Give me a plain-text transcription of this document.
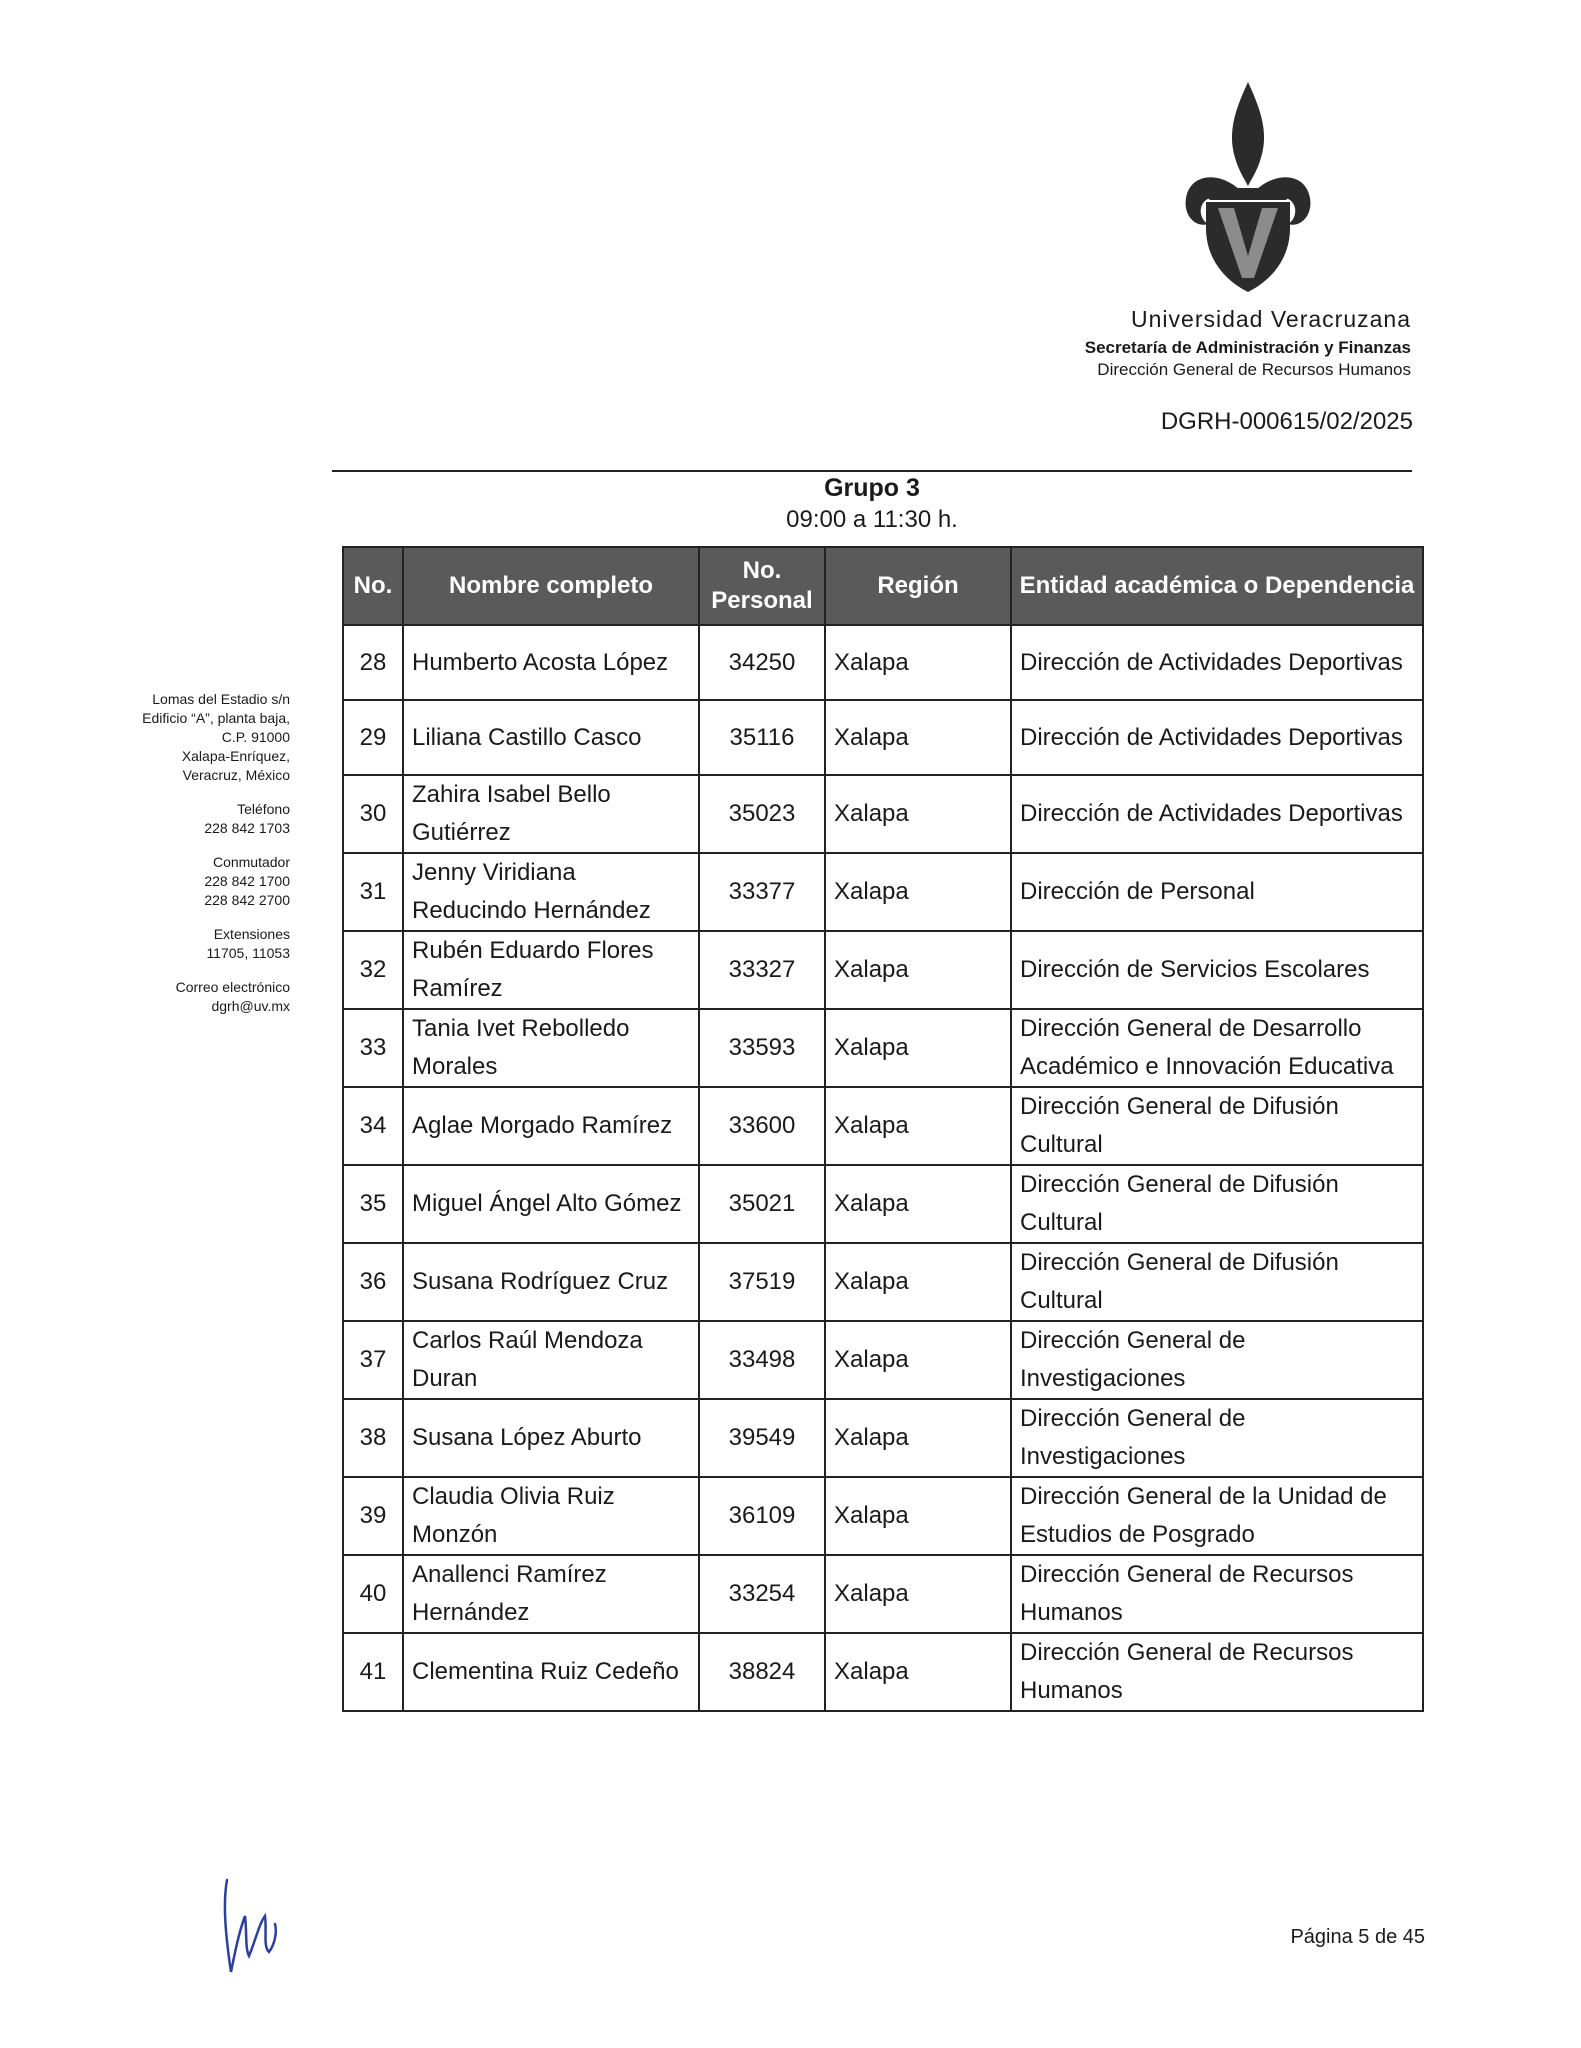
Universidad Veracruzana
Secretaría de Administración y Finanzas
Dirección General de Recursos Humanos
DGRH-000615/02/2025
Grupo 3
09:00 a 11:30 h.

Lomas del Estadio s/n
Edificio “A”, planta baja,
C.P. 91000
Xalapa-Enríquez,
Veracruz, México

Teléfono
228 842 1703

Conmutador
228 842 1700
228 842 2700

Extensiones
11705, 11053

Correo electrónico
dgrh@uv.mx

No.	Nombre completo	No. Personal	Región	Entidad académica o Dependencia
28	Humberto Acosta López	34250	Xalapa	Dirección de Actividades Deportivas
29	Liliana Castillo Casco	35116	Xalapa	Dirección de Actividades Deportivas
30	Zahira Isabel Bello Gutiérrez	35023	Xalapa	Dirección de Actividades Deportivas
31	Jenny Viridiana Reducindo Hernández	33377	Xalapa	Dirección de Personal
32	Rubén Eduardo Flores Ramírez	33327	Xalapa	Dirección de Servicios Escolares
33	Tania Ivet Rebolledo Morales	33593	Xalapa	Dirección General de Desarrollo Académico e Innovación Educativa
34	Aglae Morgado Ramírez	33600	Xalapa	Dirección General de Difusión Cultural
35	Miguel Ángel Alto Gómez	35021	Xalapa	Dirección General de Difusión Cultural
36	Susana Rodríguez Cruz	37519	Xalapa	Dirección General de Difusión Cultural
37	Carlos Raúl Mendoza Duran	33498	Xalapa	Dirección General de Investigaciones
38	Susana López Aburto	39549	Xalapa	Dirección General de Investigaciones
39	Claudia Olivia Ruiz Monzón	36109	Xalapa	Dirección General de la Unidad de Estudios de Posgrado
40	Anallenci Ramírez Hernández	33254	Xalapa	Dirección General de Recursos Humanos
41	Clementina Ruiz Cedeño	38824	Xalapa	Dirección General de Recursos Humanos
Página 5 de 45
